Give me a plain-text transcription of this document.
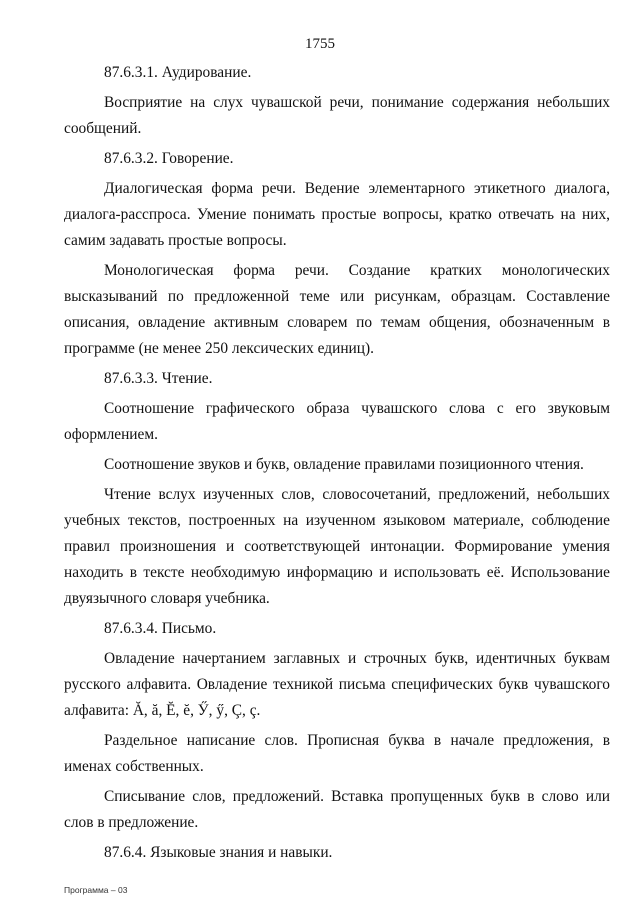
1755

87.6.3.1. Аудирование.

Восприятие на слух чувашской речи, понимание содержания небольших сообщений.

87.6.3.2. Говорение.

Диалогическая форма речи. Ведение элементарного этикетного диалога, диалога-расспроса. Умение понимать простые вопросы, кратко отвечать на них, самим задавать простые вопросы.

Монологическая форма речи. Создание кратких монологических высказываний по предложенной теме или рисункам, образцам. Составление описания, овладение активным словарем по темам общения, обозначенным в программе (не менее 250 лексических единиц).

87.6.3.3. Чтение.

Соотношение графического образа чувашского слова с его звуковым оформлением.

Соотношение звуков и букв, овладение правилами позиционного чтения.

Чтение вслух изученных слов, словосочетаний, предложений, небольших учебных текстов, построенных на изученном языковом материале, соблюдение правил произношения и соответствующей интонации. Формирование умения находить в тексте необходимую информацию и использовать её. Использование двуязычного словаря учебника.

87.6.3.4. Письмо.

Овладение начертанием заглавных и строчных букв, идентичных буквам русского алфавита. Овладение техникой письма специфических букв чувашского алфавита: Ă, ă, Ĕ, ĕ, Ӳ, ӳ, Ç, ç.

Раздельное написание слов. Прописная буква в начале предложения, в именах собственных.

Списывание слов, предложений. Вставка пропущенных букв в слово или слов в предложение.

87.6.4. Языковые знания и навыки.

Программа – 03
